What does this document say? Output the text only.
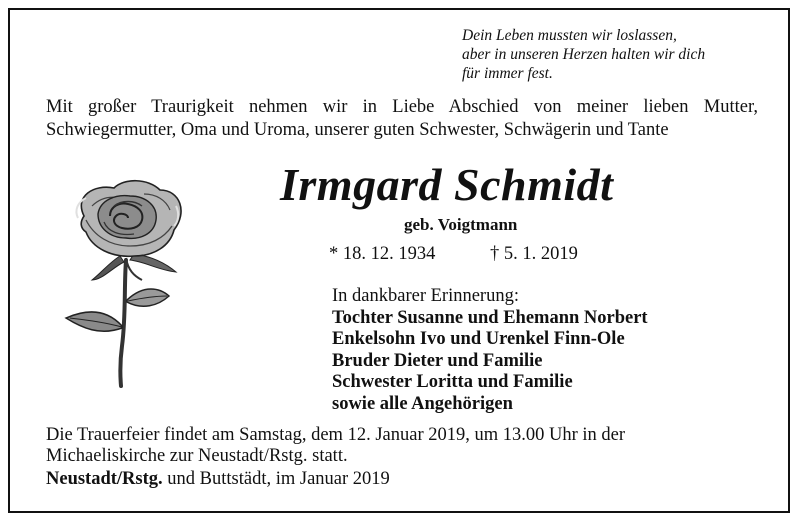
Dein Leben mussten wir loslassen,
aber in unseren Herzen halten wir dich
für immer fest.
Mit großer Traurigkeit nehmen wir in Liebe Abschied von meiner lieben Mutter,
Schwiegermutter, Oma und Uroma, unserer guten Schwester, Schwägerin und Tante
Irmgard Schmidt
geb. Voigtmann
* 18. 12. 1934	† 5. 1. 2019
In dankbarer Erinnerung:
Tochter Susanne und Ehemann Norbert
Enkelsohn Ivo und Urenkel Finn-Ole
Bruder Dieter und Familie
Schwester Loritta und Familie
sowie alle Angehörigen
Die Trauerfeier findet am Samstag, dem 12. Januar 2019, um 13.00 Uhr in der
Michaeliskirche zur Neustadt/Rstg. statt.
Neustadt/Rstg. und Buttstädt, im Januar 2019
